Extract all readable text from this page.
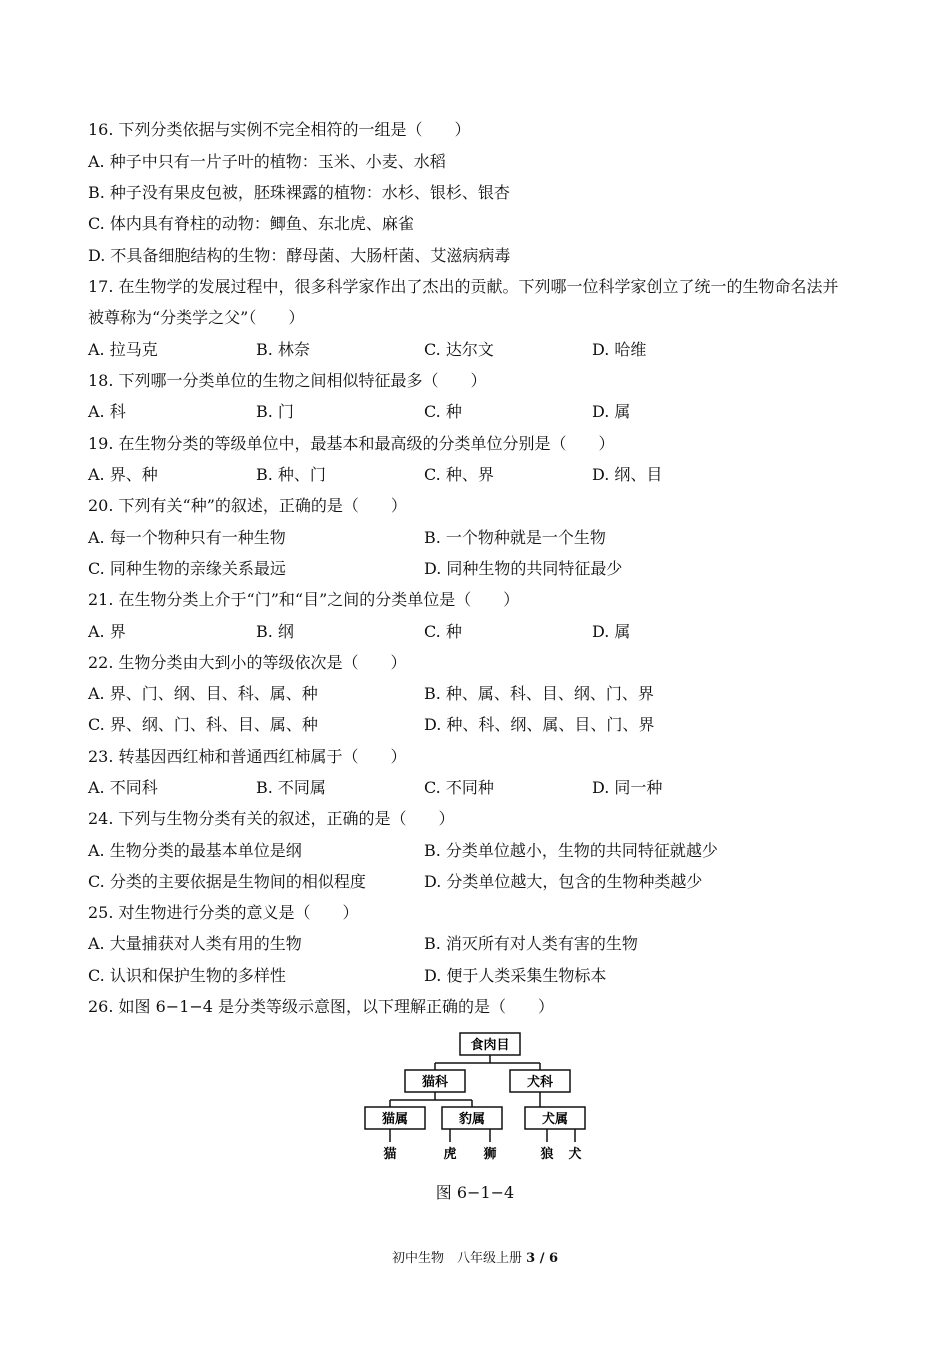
16. 下列分类依据与实例不完全相符的一组是（　　）
A. 种子中只有一片子叶的植物：玉米、小麦、水稻
B. 种子没有果皮包被，胚珠裸露的植物：水杉、银杉、银杏
C. 体内具有脊柱的动物：鲫鱼、东北虎、麻雀
D. 不具备细胞结构的生物：酵母菌、大肠杆菌、艾滋病病毒
17. 在生物学的发展过程中，很多科学家作出了杰出的贡献。下列哪一位科学家创立了统一的生物命名法并
被尊称为“分类学之父”（　　）
A. 拉马克	B. 林奈	C. 达尔文	D. 哈维
18. 下列哪一分类单位的生物之间相似特征最多（　　）
A. 科	B. 门	C. 种	D. 属
19. 在生物分类的等级单位中，最基本和最高级的分类单位分别是（　　）
A. 界、种	B. 种、门	C. 种、界	D. 纲、目
20. 下列有关“种”的叙述，正确的是（　　）
A. 每一个物种只有一种生物	B. 一个物种就是一个生物
C. 同种生物的亲缘关系最远	D. 同种生物的共同特征最少
21. 在生物分类上介于“门”和“目”之间的分类单位是（　　）
A. 界	B. 纲	C. 种	D. 属
22. 生物分类由大到小的等级依次是（　　）
A. 界、门、纲、目、科、属、种	B. 种、属、科、目、纲、门、界
C. 界、纲、门、科、目、属、种	D. 种、科、纲、属、目、门、界
23. 转基因西红柿和普通西红柿属于（　　）
A. 不同科	B. 不同属	C. 不同种	D. 同一种
24. 下列与生物分类有关的叙述，正确的是（　　）
A. 生物分类的最基本单位是纲	B. 分类单位越小，生物的共同特征就越少
C. 分类的主要依据是生物间的相似程度	D. 分类单位越大，包含的生物种类越少
25. 对生物进行分类的意义是（　　）
A. 大量捕获对人类有用的生物	B. 消灭所有对人类有害的生物
C. 认识和保护生物的多样性	D. 便于人类采集生物标本
26. 如图 6−1−4 是分类等级示意图，以下理解正确的是（　　）
食肉目
猫科	犬科
猫属	豹属	犬属
猫	虎 狮	狼 犬
图 6−1−4
初中生物　八年级上册 3 / 6
